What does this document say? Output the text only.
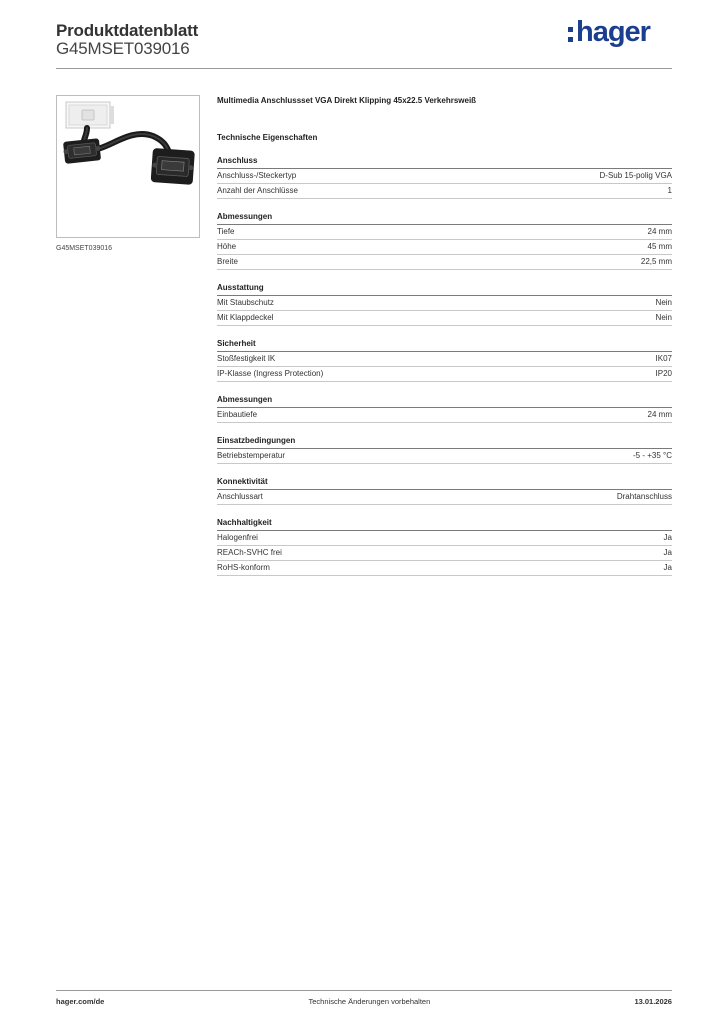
Produktdatenblatt
G45MSET039016
hager
G45MSET039016
Multimedia Anschlussset VGA Direkt Klipping 45x22.5 Verkehrsweiß
Technische Eigenschaften
Anschluss
Anschluss-/Steckertyp	D-Sub 15-polig VGA
Anzahl der Anschlüsse	1
Abmessungen
Tiefe	24 mm
Höhe	45 mm
Breite	22,5 mm
Ausstattung
Mit Staubschutz	Nein
Mit Klappdeckel	Nein
Sicherheit
Stoßfestigkeit IK	IK07
IP-Klasse (Ingress Protection)	IP20
Abmessungen
Einbautiefe	24 mm
Einsatzbedingungen
Betriebstemperatur	-5 - +35 °C
Konnektivität
Anschlussart	Drahtanschluss
Nachhaltigkeit
Halogenfrei	Ja
REACh-SVHC frei	Ja
RoHS-konform	Ja
hager.com/de	Technische Änderungen vorbehalten	13.01.2026
